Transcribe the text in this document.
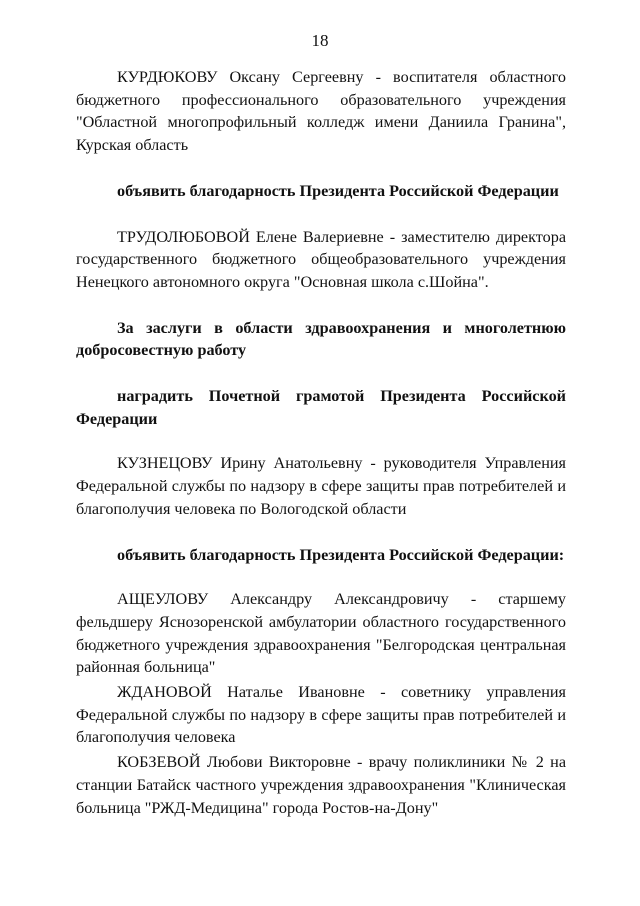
18

КУРДЮКОВУ Оксану Сергеевну - воспитателя областного бюджетного профессионального образовательного учреждения "Областной многопрофильный колледж имени Даниила Гранина", Курская область

объявить благодарность Президента Российской Федерации

ТРУДОЛЮБОВОЙ Елене Валериевне - заместителю директора государственного бюджетного общеобразовательного учреждения Ненецкого автономного округа "Основная школа с.Шойна".

За заслуги в области здравоохранения и многолетнюю добросовестную работу

наградить Почетной грамотой Президента Российской Федерации

КУЗНЕЦОВУ Ирину Анатольевну - руководителя Управления Федеральной службы по надзору в сфере защиты прав потребителей и благополучия человека по Вологодской области

объявить благодарность Президента Российской Федерации:

АЩЕУЛОВУ Александру Александровичу - старшему фельдшеру Яснозоренской амбулатории областного государственного бюджетного учреждения здравоохранения "Белгородская центральная районная больница"

ЖДАНОВОЙ Наталье Ивановне - советнику управления Федеральной службы по надзору в сфере защиты прав потребителей и благополучия человека

КОБЗЕВОЙ Любови Викторовне - врачу поликлиники № 2 на станции Батайск частного учреждения здравоохранения "Клиническая больница "РЖД-Медицина" города Ростов-на-Дону"
